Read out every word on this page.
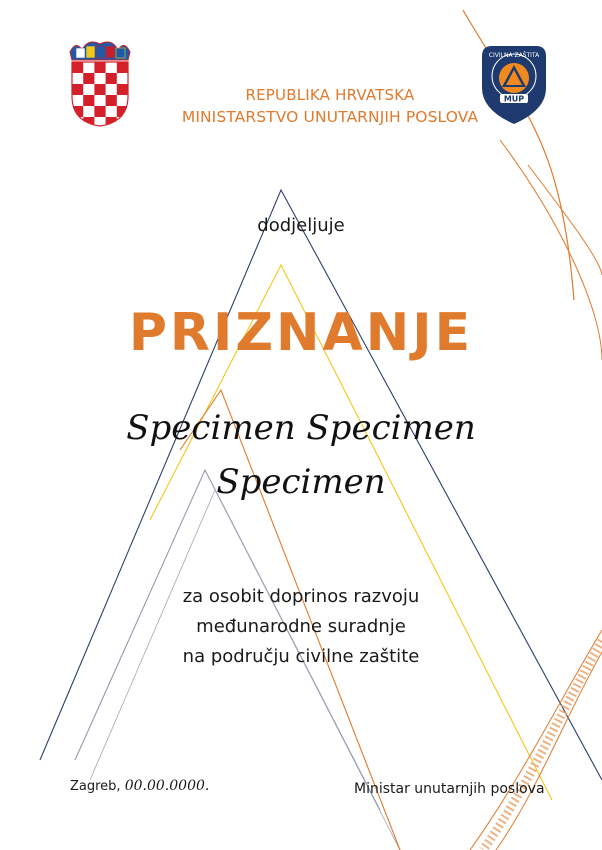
CIVILNA ZAŠTITA
MUP
REPUBLIKA HRVATSKA
MINISTARSTVO UNUTARNJIH POSLOVA
dodjeljuje
PRIZNANJE
Specimen Specimen
Specimen
za osobit doprinos razvoju
međunarodne suradnje
na području civilne zaštite
Zagreb, 00.00.0000.	Ministar unutarnjih poslova
